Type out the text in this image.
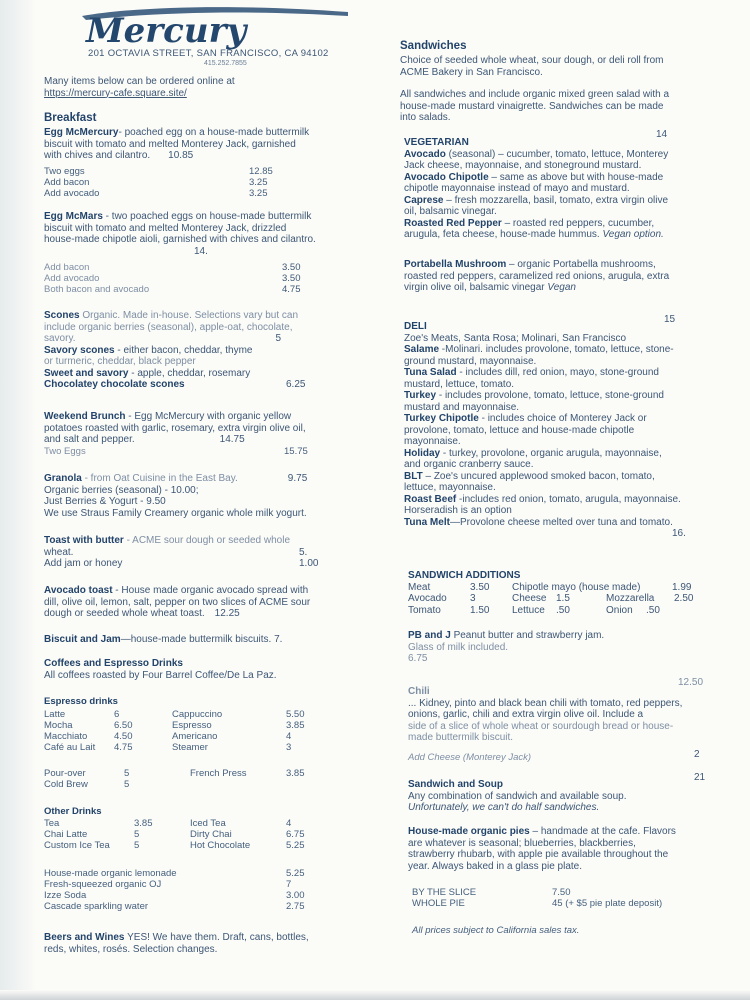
Mercury
201 OCTAVIA STREET, SAN FRANCISCO, CA 94102
415.252.7855
Many items below can be ordered online at
https://mercury-cafe.square.site/
Breakfast
Egg McMercury- poached egg on a house-made buttermilk
biscuit with tomato and melted Monterey Jack, garnished
with chives and cilantro. 10.85
Two eggs	12.85
Add bacon	3.25
Add avocado	3.25
Egg McMars - two poached eggs on house-made buttermilk
biscuit with tomato and melted Monterey Jack, drizzled
house-made chipotle aioli, garnished with chives and cilantro.
14.
Add bacon	3.50
Add avocado	3.50
Both bacon and avocado	4.75
Scones Organic. Made in-house. Selections vary but can
include organic berries (seasonal), apple-oat, chocolate,
savory.	5
Savory scones - either bacon, cheddar, thyme
or turmeric, cheddar, black pepper
Sweet and savory - apple, cheddar, rosemary
Chocolatey chocolate scones	6.25
Weekend Brunch - Egg McMercury with organic yellow
potatoes roasted with garlic, rosemary, extra virgin olive oil,
and salt and pepper.	14.75
Two Eggs	15.75
Granola - from Oat Cuisine in the East Bay.	9.75
Organic berries (seasonal) - 10.00;
Just Berries & Yogurt - 9.50
We use Straus Family Creamery organic whole milk yogurt.
Toast with butter - ACME sour dough or seeded whole
wheat.	5.
Add jam or honey	1.00
Avocado toast - House made organic avocado spread with
dill, olive oil, lemon, salt, pepper on two slices of ACME sour
dough or seeded whole wheat toast. 12.25
Biscuit and Jam—house-made buttermilk biscuits. 7.
Coffees and Espresso Drinks
All coffees roasted by Four Barrel Coffee/De La Paz.
Espresso drinks
Latte	6	Cappuccino	5.50
Mocha	6.50	Espresso	3.85
Macchiato	4.50	Americano	4
Café au Lait	4.75	Steamer	3
Pour-over	5	French Press	3.85
Cold Brew	5
Other Drinks
Tea	3.85	Iced Tea	4
Chai Latte	5	Dirty Chai	6.75
Custom Ice Tea	5	Hot Chocolate	5.25
House-made organic lemonade	5.25
Fresh-squeezed organic OJ	7
Izze Soda	3.00
Cascade sparkling water	2.75
Beers and Wines YES! We have them. Draft, cans, bottles,
reds, whites, rosés. Selection changes.
Sandwiches
Choice of seeded whole wheat, sour dough, or deli roll from
ACME Bakery in San Francisco.
All sandwiches and include organic mixed green salad with a
house-made mustard vinaigrette. Sandwiches can be made
into salads.
14
VEGETARIAN
Avocado (seasonal) – cucumber, tomato, lettuce, Monterey
Jack cheese, mayonnaise, and stoneground mustard.
Avocado Chipotle – same as above but with house-made
chipotle mayonnaise instead of mayo and mustard.
Caprese – fresh mozzarella, basil, tomato, extra virgin olive
oil, balsamic vinegar.
Roasted Red Pepper – roasted red peppers, cucumber,
arugula, feta cheese, house-made hummus. Vegan option.
Portabella Mushroom – organic Portabella mushrooms,
roasted red peppers, caramelized red onions, arugula, extra
virgin olive oil, balsamic vinegar Vegan
15
DELI
Zoe's Meats, Santa Rosa; Molinari, San Francisco
Salame -Molinari. includes provolone, tomato, lettuce, stone-
ground mustard, mayonnaise.
Tuna Salad - includes dill, red onion, mayo, stone-ground
mustard, lettuce, tomato.
Turkey - includes provolone, tomato, lettuce, stone-ground
mustard and mayonnaise.
Turkey Chipotle - includes choice of Monterey Jack or
provolone, tomato, lettuce and house-made chipotle
mayonnaise.
Holiday - turkey, provolone, organic arugula, mayonnaise,
and organic cranberry sauce.
BLT – Zoe's uncured applewood smoked bacon, tomato,
lettuce, mayonnaise.
Roast Beef -includes red onion, tomato, arugula, mayonnaise.
Horseradish is an option
Tuna Melt—Provolone cheese melted over tuna and tomato.
16.
SANDWICH ADDITIONS
Meat	3.50	Chipotle mayo (house made)	1.99
Avocado	3	Cheese 1.5	Mozzarella	2.50
Tomato	1.50	Lettuce	.50	Onion	.50
PB and J Peanut butter and strawberry jam.
Glass of milk included.
6.75
12.50
Chili
... Kidney, pinto and black bean chili with tomato, red peppers,
onions, garlic, chili and extra virgin olive oil. Include a
side of a slice of whole wheat or sourdough bread or house-
made buttermilk biscuit.
Add Cheese (Monterey Jack)	2
21
Sandwich and Soup
Any combination of sandwich and available soup.
Unfortunately, we can't do half sandwiches.
House-made organic pies – handmade at the cafe. Flavors
are whatever is seasonal; blueberries, blackberries,
strawberry rhubarb, with apple pie available throughout the
year. Always baked in a glass pie plate.
BY THE SLICE	7.50
WHOLE PIE	45 (+ $5 pie plate deposit)
All prices subject to California sales tax.
